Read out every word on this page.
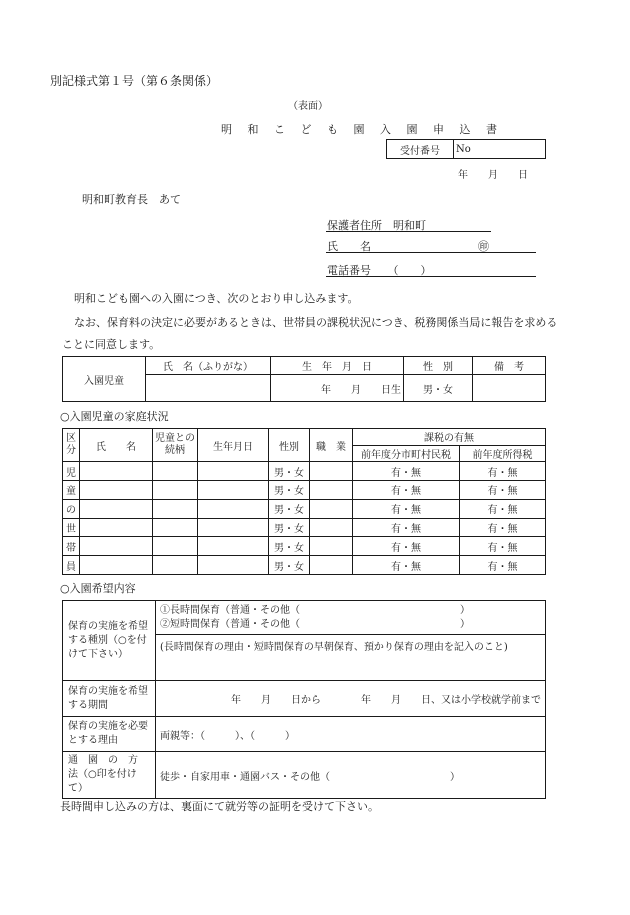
別記様式第１号（第６条関係）
（表面）
明 和 こ ど も 園 入 園 申 込 書
受付番号	No
年　　月　　日
明和町教育長　あて
保護者住所　明和町
氏　　名	㊞
電話番号　　（　　）
明和こども園への入園につき、次のとおり申し込みます。
なお、保育料の決定に必要があるときは、世帯員の課税状況につき、税務関係当局に報告を求める
ことに同意します。
入園児童	氏　名（ふりがな）	生　年　月　日	性　別	備　考
		年　　月　　日生	男・女	
○入園児童の家庭状況
区分	氏　　名	児童との続柄	生年月日	性別	職　業	課税の有無	
						前年度分市町村民税	前年度所得税
児				男・女		有・無	有・無
童				男・女		有・無	有・無
の				男・女		有・無	有・無
世				男・女		有・無	有・無
帯				男・女		有・無	有・無
員				男・女		有・無	有・無
○入園希望内容
保育の実施を希望する種別（○を付けて下さい）	①長時間保育（普通・その他（　　　　　　　　　　　　　　　　）
②短時間保育（普通・その他（　　　　　　　　　　　　　　　　）

	(長時間保育の理由・短時間保育の早朝保育、預かり保育の理由を記入のこと)
保育の実施を希望する期間	年　　月　　日から　　　　年　　月　　日、又は小学校就学前まで
保育の実施を必要とする理由	両親等：（　　　）、（　　　）
通　園　の　方　法（○印を付けて）	徒歩・自家用車・通園バス・その他（　　　　　　　　　　　　）
長時間申し込みの方は、裏面にて就労等の証明を受けて下さい。
